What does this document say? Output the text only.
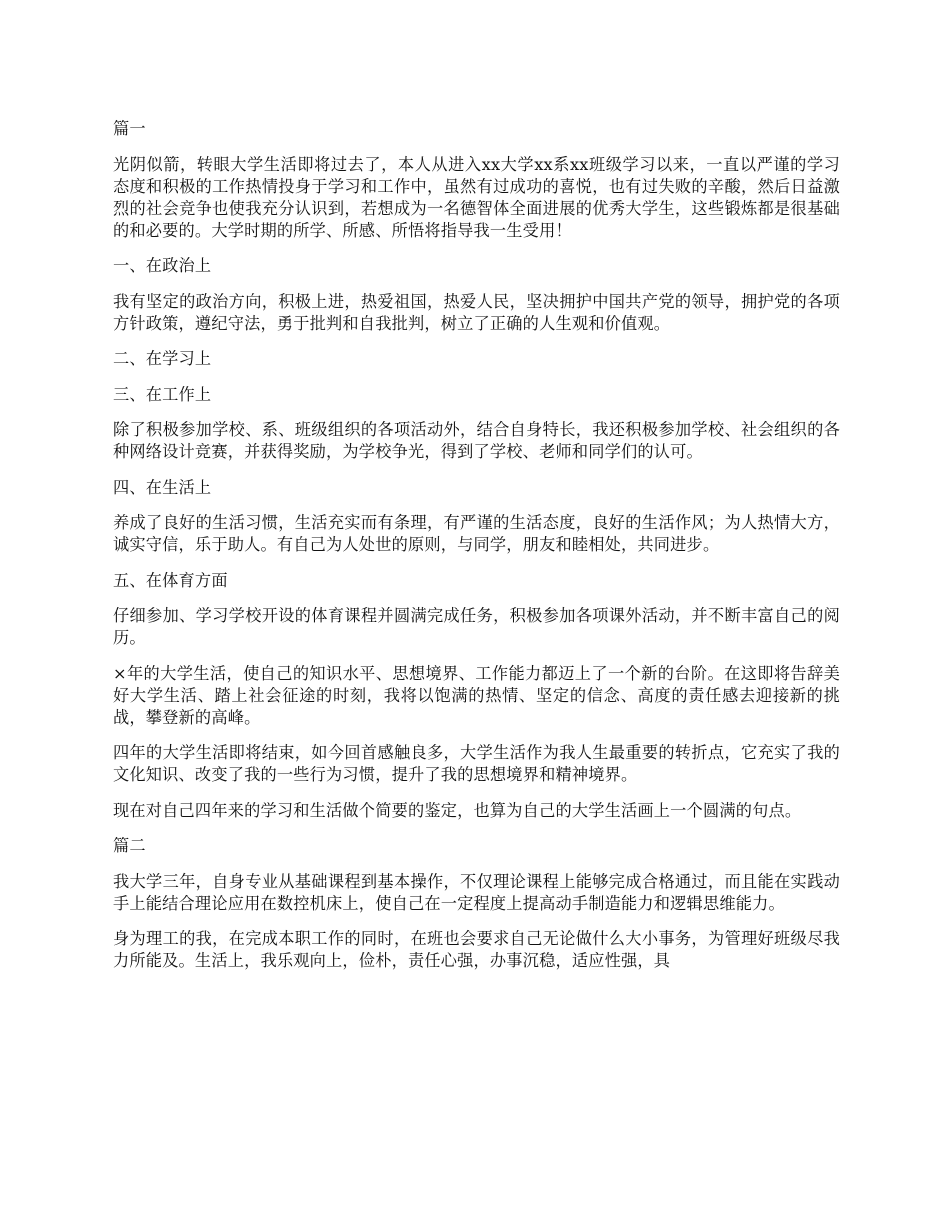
篇一
光阴似箭，转眼大学生活即将过去了，本人从进入xx大学xx系xx班级学习以来，一直以严谨的学习态度和积极的工作热情投身于学习和工作中，虽然有过成功的喜悦，也有过失败的辛酸，然后日益激烈的社会竞争也使我充分认识到，若想成为一名德智体全面进展的优秀大学生，这些锻炼都是很基础的和必要的。大学时期的所学、所感、所悟将指导我一生受用！
一、在政治上
我有坚定的政治方向，积极上进，热爱祖国，热爱人民，坚决拥护中国共产党的领导，拥护党的各项方针政策，遵纪守法，勇于批判和自我批判，树立了正确的人生观和价值观。
二、在学习上
三、在工作上
除了积极参加学校、系、班级组织的各项活动外，结合自身特长，我还积极参加学校、社会组织的各种网络设计竞赛，并获得奖励，为学校争光，得到了学校、老师和同学们的认可。
四、在生活上
养成了良好的生活习惯，生活充实而有条理，有严谨的生活态度，良好的生活作风；为人热情大方，诚实守信，乐于助人。有自己为人处世的原则，与同学，朋友和睦相处，共同进步。
五、在体育方面
仔细参加、学习学校开设的体育课程并圆满完成任务，积极参加各项课外活动，并不断丰富自己的阅历。
×年的大学生活，使自己的知识水平、思想境界、工作能力都迈上了一个新的台阶。在这即将告辞美好大学生活、踏上社会征途的时刻，我将以饱满的热情、坚定的信念、高度的责任感去迎接新的挑战，攀登新的高峰。
四年的大学生活即将结束，如今回首感触良多，大学生活作为我人生最重要的转折点，它充实了我的文化知识、改变了我的一些行为习惯，提升了我的思想境界和精神境界。
现在对自己四年来的学习和生活做个简要的鉴定，也算为自己的大学生活画上一个圆满的句点。
篇二
我大学三年，自身专业从基础课程到基本操作，不仅理论课程上能够完成合格通过，而且能在实践动手上能结合理论应用在数控机床上，使自己在一定程度上提高动手制造能力和逻辑思维能力。
身为理工的我，在完成本职工作的同时，在班也会要求自己无论做什么大小事务，为管理好班级尽我力所能及。生活上，我乐观向上，俭朴，责任心强，办事沉稳，适应性强，具
